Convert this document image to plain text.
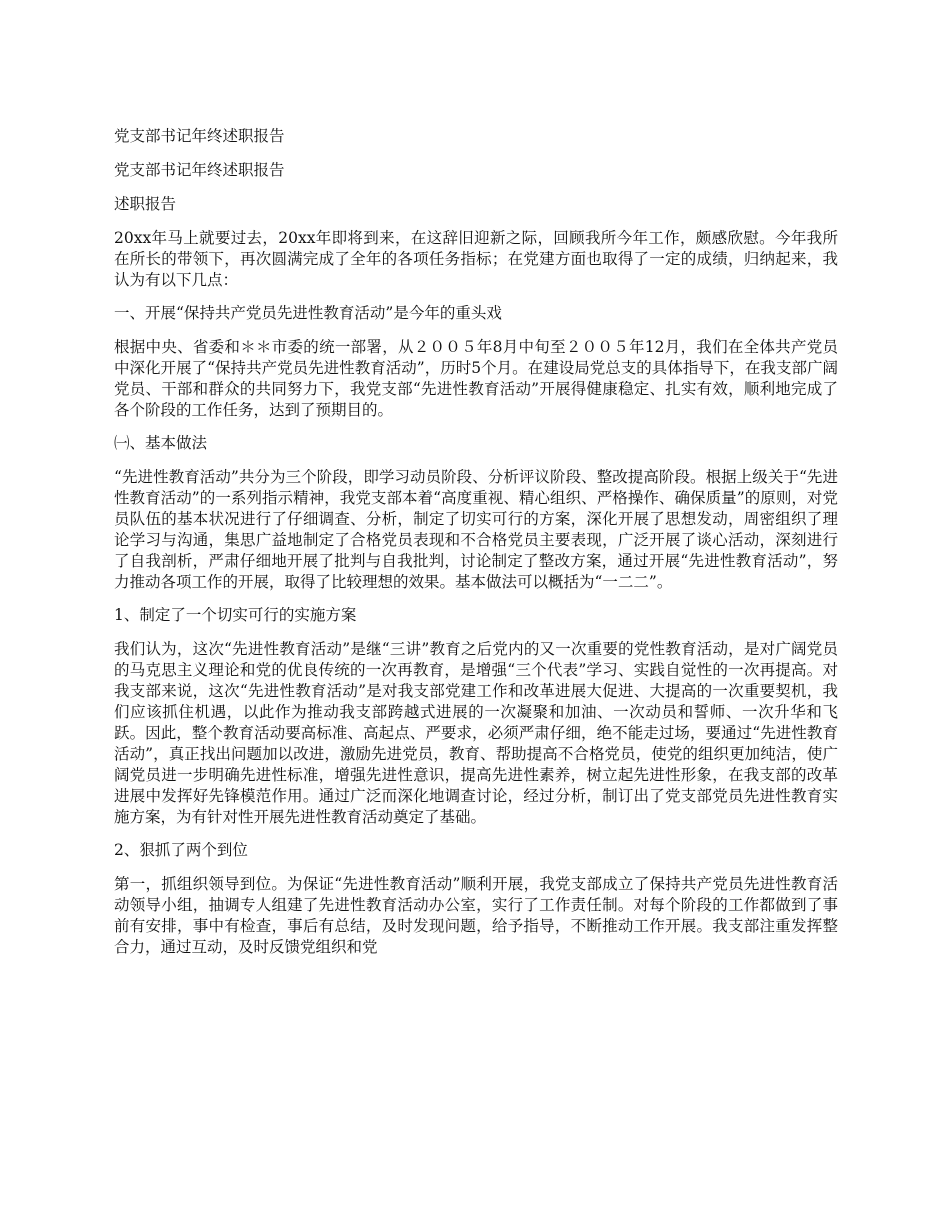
党支部书记年终述职报告

党支部书记年终述职报告

述职报告

20xx年马上就要过去，20xx年即将到来，在这辞旧迎新之际，回顾我所今年工作，颇感欣慰。今年我所在所长的带领下，再次圆满完成了全年的各项任务指标；在党建方面也取得了一定的成绩，归纳起来，我认为有以下几点：

一、开展“保持共产党员先进性教育活动”是今年的重头戏

根据中央、省委和＊＊市委的统一部署，从２００５年8月中旬至２００５年12月，我们在全体共产党员中深化开展了“保持共产党员先进性教育活动”，历时5个月。在建设局党总支的具体指导下，在我支部广阔党员、干部和群众的共同努力下，我党支部“先进性教育活动”开展得健康稳定、扎实有效，顺利地完成了各个阶段的工作任务，达到了预期目的。

㈠、基本做法

“先进性教育活动”共分为三个阶段，即学习动员阶段、分析评议阶段、整改提高阶段。根据上级关于“先进性教育活动”的一系列指示精神，我党支部本着“高度重视、精心组织、严格操作、确保质量”的原则，对党员队伍的基本状况进行了仔细调查、分析，制定了切实可行的方案，深化开展了思想发动，周密组织了理论学习与沟通，集思广益地制定了合格党员表现和不合格党员主要表现，广泛开展了谈心活动，深刻进行了自我剖析，严肃仔细地开展了批判与自我批判，讨论制定了整改方案，通过开展“先进性教育活动”，努力推动各项工作的开展，取得了比较理想的效果。基本做法可以概括为“一二二”。

1、制定了一个切实可行的实施方案

我们认为，这次“先进性教育活动”是继“三讲”教育之后党内的又一次重要的党性教育活动，是对广阔党员的马克思主义理论和党的优良传统的一次再教育，是增强“三个代表”学习、实践自觉性的一次再提高。对我支部来说，这次“先进性教育活动”是对我支部党建工作和改革进展大促进、大提高的一次重要契机，我们应该抓住机遇，以此作为推动我支部跨越式进展的一次凝聚和加油、一次动员和誓师、一次升华和飞跃。因此，整个教育活动要高标准、高起点、严要求，必须严肃仔细，绝不能走过场，要通过“先进性教育活动”，真正找出问题加以改进，激励先进党员，教育、帮助提高不合格党员，使党的组织更加纯洁，使广阔党员进一步明确先进性标准，增强先进性意识，提高先进性素养，树立起先进性形象，在我支部的改革进展中发挥好先锋模范作用。通过广泛而深化地调查讨论，经过分析，制订出了党支部党员先进性教育实施方案，为有针对性开展先进性教育活动奠定了基础。

2、狠抓了两个到位

第一，抓组织领导到位。为保证“先进性教育活动”顺利开展，我党支部成立了保持共产党员先进性教育活动领导小组，抽调专人组建了先进性教育活动办公室，实行了工作责任制。对每个阶段的工作都做到了事前有安排，事中有检查，事后有总结，及时发现问题，给予指导，不断推动工作开展。我支部注重发挥整合力，通过互动，及时反馈党组织和党
